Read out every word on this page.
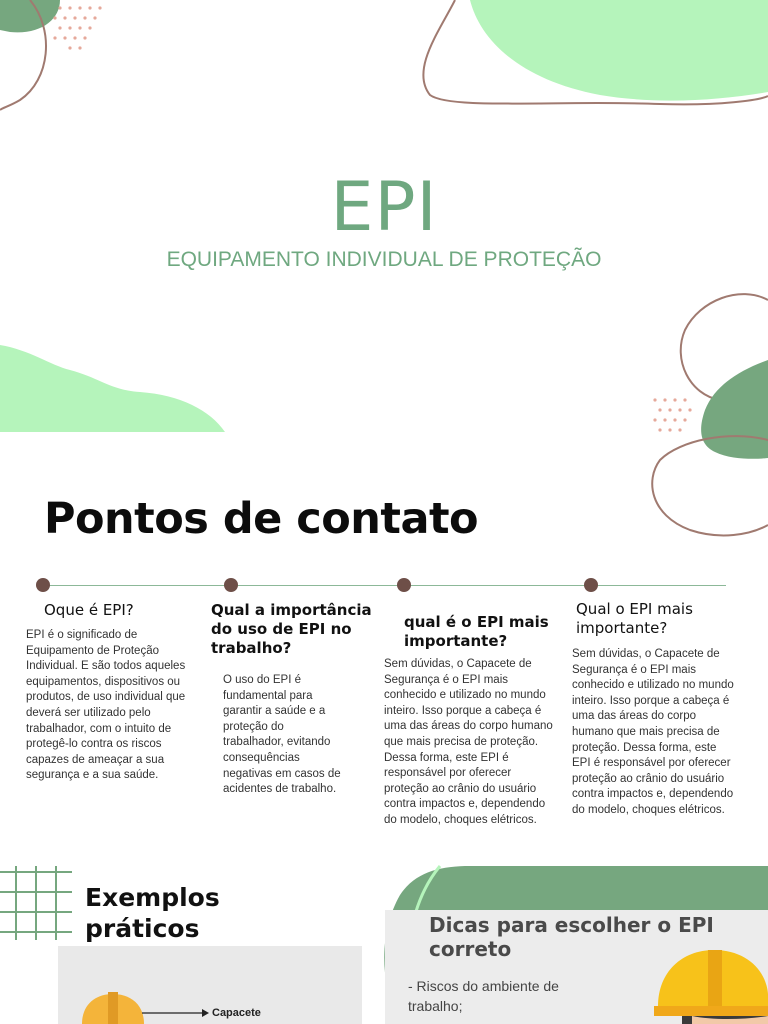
EPI
EQUIPAMENTO INDIVIDUAL DE PROTEÇÃO
Pontos de contato
Oque é EPI?
EPI é o significado de Equipamento de Proteção Individual. E são todos aqueles equipamentos, dispositivos ou produtos, de uso individual que deverá ser utilizado pelo trabalhador, com o intuito de protegê-lo contra os riscos capazes de ameaçar a sua segurança e a sua saúde.
Qual a importância do uso de EPI no trabalho?
O uso do EPI é fundamental para garantir a saúde e a proteção do trabalhador, evitando consequências negativas em casos de acidentes de trabalho.
qual é o EPI mais importante?
Sem dúvidas, o Capacete de Segurança é o EPI mais conhecido e utilizado no mundo inteiro. Isso porque a cabeça é uma das áreas do corpo humano que mais precisa de proteção. Dessa forma, este EPI é responsável por oferecer proteção ao crânio do usuário contra impactos e, dependendo do modelo, choques elétricos.
Qual o EPI mais importante?
Sem dúvidas, o Capacete de Segurança é o EPI mais conhecido e utilizado no mundo inteiro. Isso porque a cabeça é uma das áreas do corpo humano que mais precisa de proteção. Dessa forma, este EPI é responsável por oferecer proteção ao crânio do usuário contra impactos e, dependendo do modelo, choques elétricos.
Exemplos
práticos
Capacete
Dicas para escolher o EPI correto
- Riscos do ambiente de trabalho;
